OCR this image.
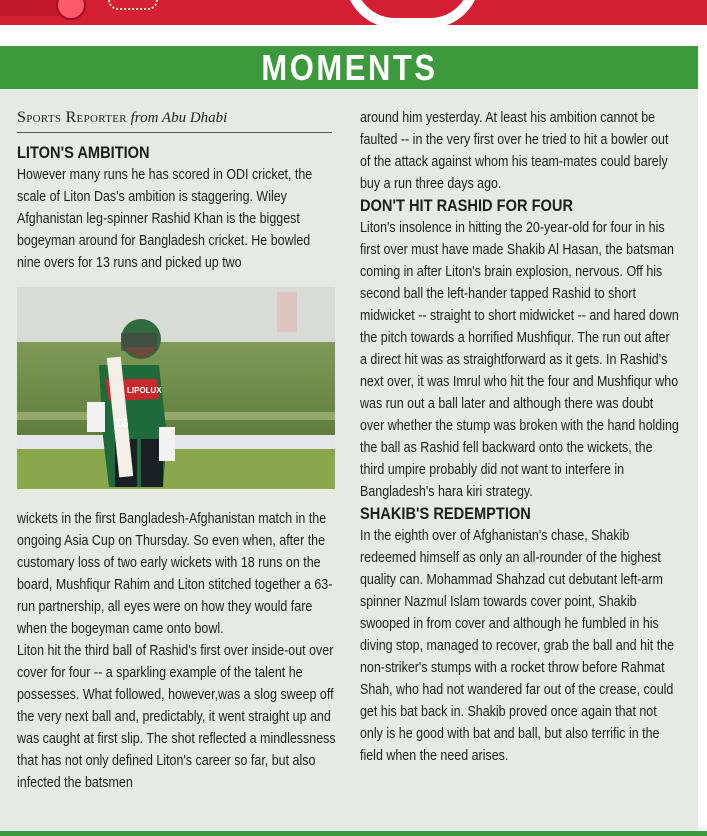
MOMENTS
Sports Reporter from Abu Dhabi
LITON'S AMBITION

However many runs he has scored in ODI cricket, the scale of Liton Das's ambition is staggering. Wiley Afghanistan leg-spinner Rashid Khan is the biggest bogeyman around for Bangladesh cricket. He bowled nine overs for 13 runs and picked up two

LIPOLUX
16

wickets in the first Bangladesh-Afghanistan match in the ongoing Asia Cup on Thursday. So even when, after the customary loss of two early wickets with 18 runs on the board, Mushfiqur Rahim and Liton stitched together a 63-run partnership, all eyes were on how they would fare when the bogeyman came onto bowl.

Liton hit the third ball of Rashid's first over inside-out over cover for four -- a sparkling example of the talent he possesses. What followed, however,was a slog sweep off the very next ball and, predictably, it went straight up and was caught at first slip. The shot reflected a mindlessness that has not only defined Liton's career so far, but also infected the batsmen

around him yesterday. At least his ambition cannot be faulted -- in the very first over he tried to hit a bowler out of the attack against whom his team-mates could barely buy a run three days ago.

DON'T HIT RASHID FOR FOUR

Liton's insolence in hitting the 20-year-old for four in his first over must have made Shakib Al Hasan, the batsman coming in after Liton's brain explosion, nervous. Off his second ball the left-hander tapped Rashid to short midwicket -- straight to short midwicket -- and hared down the pitch towards a horrified Mushfiqur. The run out after a direct hit was as straightforward as it gets. In Rashid's next over, it was Imrul who hit the four and Mushfiqur who was run out a ball later and although there was doubt over whether the stump was broken with the hand holding the ball as Rashid fell backward onto the wickets, the third umpire probably did not want to interfere in Bangladesh's hara kiri strategy.

SHAKIB'S REDEMPTION

In the eighth over of Afghanistan's chase, Shakib redeemed himself as only an all-rounder of the highest quality can. Mohammad Shahzad cut debutant left-arm spinner Nazmul Islam towards cover point, Shakib swooped in from cover and although he fumbled in his diving stop, managed to recover, grab the ball and hit the non-striker's stumps with a rocket throw before Rahmat Shah, who had not wandered far out of the crease, could get his bat back in. Shakib proved once again that not only is he good with bat and ball, but also terrific in the field when the need arises.
